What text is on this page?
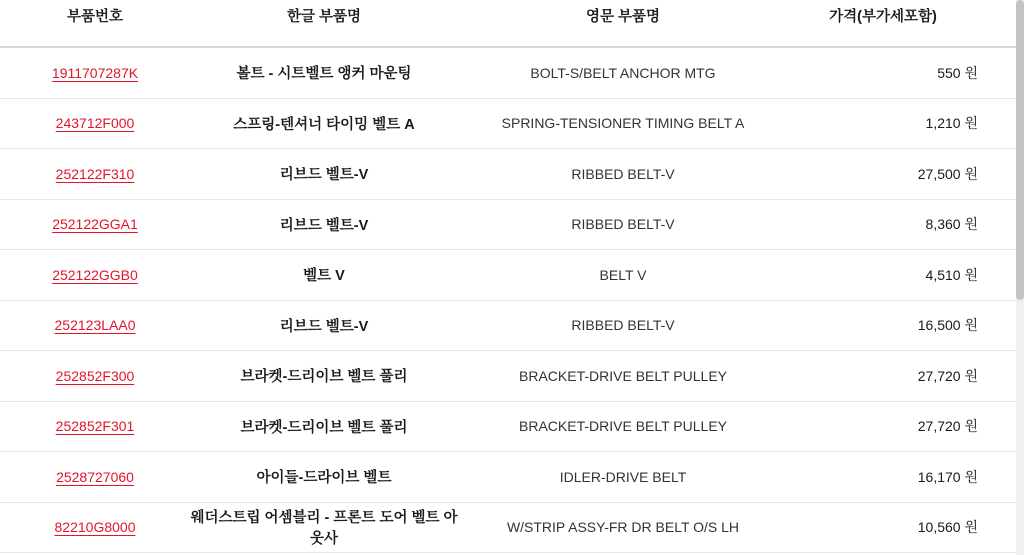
부품번호	한글 부품명	영문 부품명	가격(부가세포함)
1911707287K	볼트 - 시트벨트 앵커 마운팅	BOLT-S/BELT ANCHOR MTG	550 원
243712F000	스프링-텐셔너 타이밍 벨트 A	SPRING-TENSIONER TIMING BELT A	1,210 원
252122F310	리브드 벨트-V	RIBBED BELT-V	27,500 원
252122GGA1	리브드 벨트-V	RIBBED BELT-V	8,360 원
252122GGB0	벨트 V	BELT V	4,510 원
252123LAA0	리브드 벨트-V	RIBBED BELT-V	16,500 원
252852F300	브라켓-드리이브 벨트 풀리	BRACKET-DRIVE BELT PULLEY	27,720 원
252852F301	브라켓-드리이브 벨트 풀리	BRACKET-DRIVE BELT PULLEY	27,720 원
2528727060	아이들-드라이브 벨트	IDLER-DRIVE BELT	16,170 원
82210G8000	웨더스트립 어셈블리 - 프론트 도어 벨트 아웃사	W/STRIP ASSY-FR DR BELT O/S LH	10,560 원
